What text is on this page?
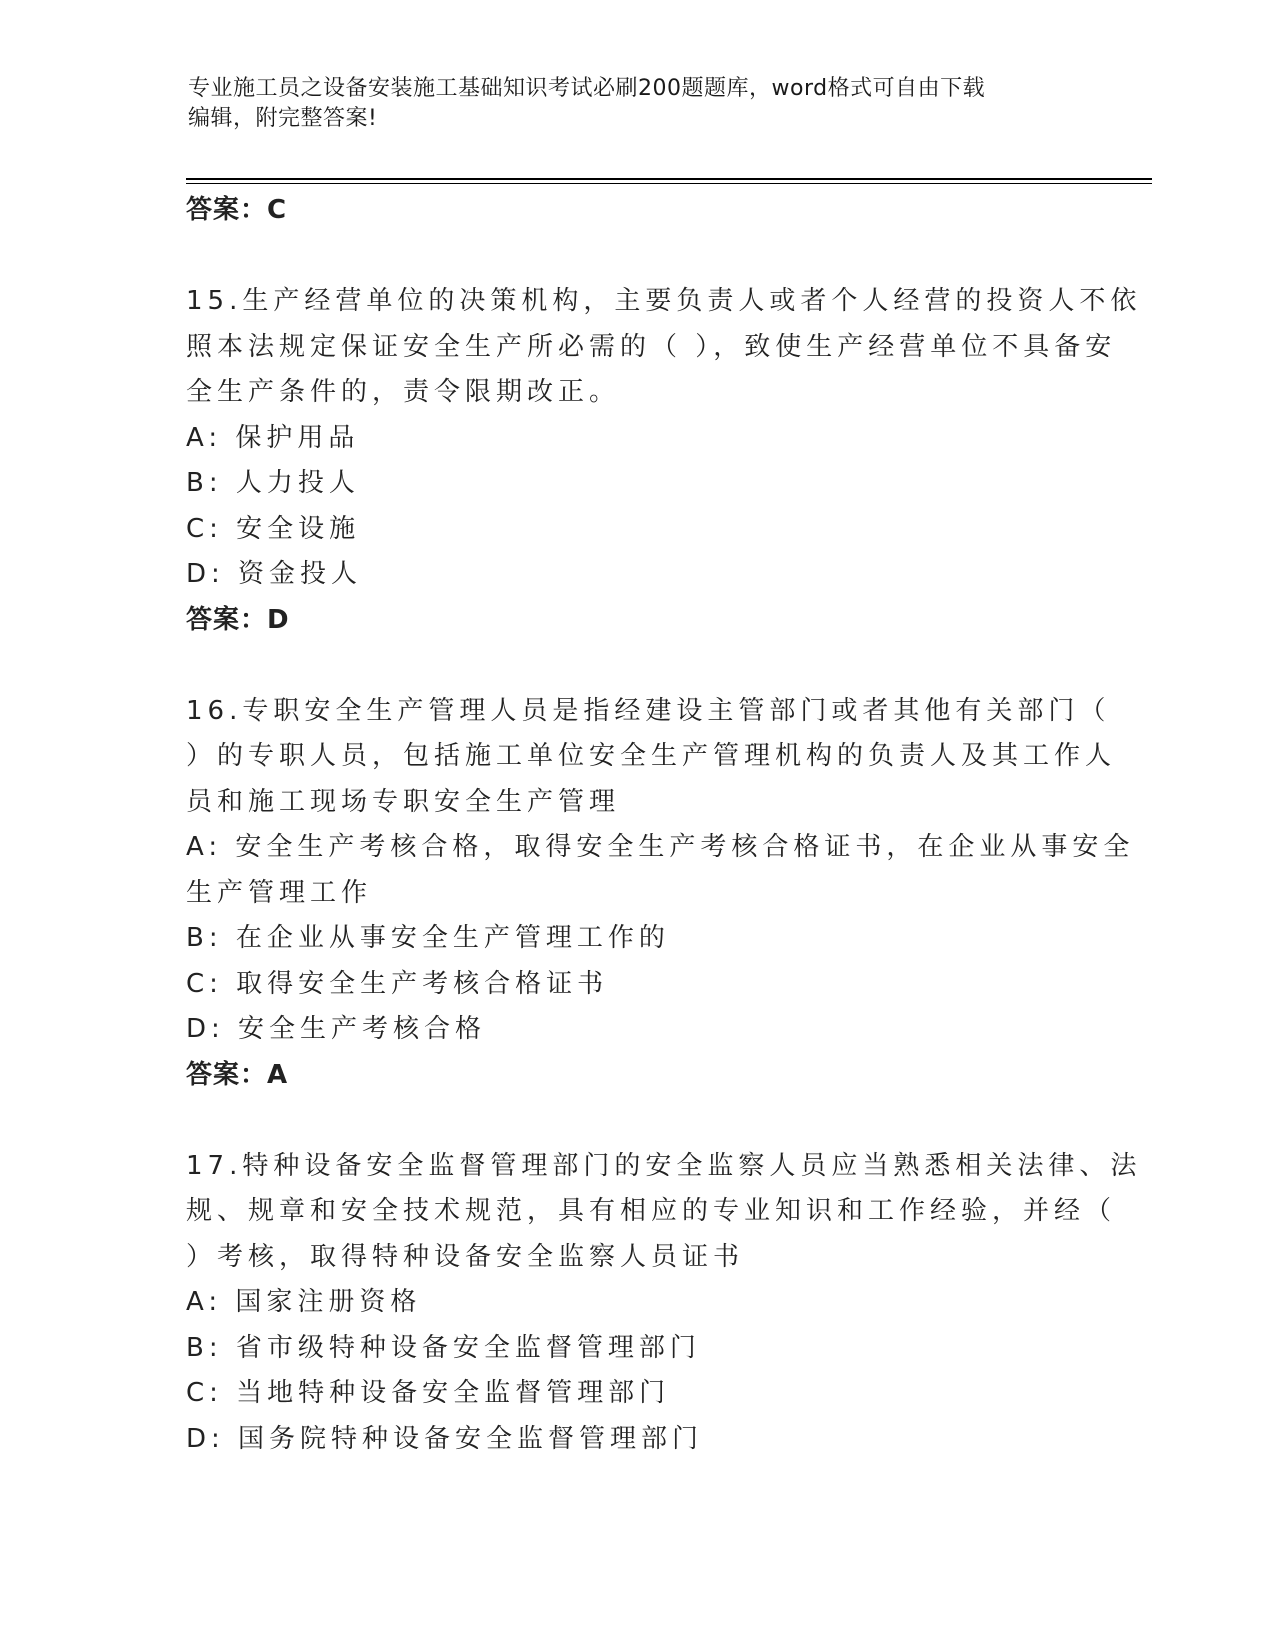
专业施工员之设备安装施工基础知识考试必刷200题题库，word格式可自由下载
编辑，附完整答案!
答案：C
15.生产经营单位的决策机构，主要负责人或者个人经营的投资人不依
照本法规定保证安全生产所必需的（ ），致使生产经营单位不具备安
全生产条件的，责令限期改正。
A: 保护用品
B: 人力投人
C: 安全设施
D: 资金投人
答案：D
16.专职安全生产管理人员是指经建设主管部门或者其他有关部门（
）的专职人员，包括施工单位安全生产管理机构的负责人及其工作人
员和施工现场专职安全生产管理
A: 安全生产考核合格，取得安全生产考核合格证书，在企业从事安全
生产管理工作
B: 在企业从事安全生产管理工作的
C: 取得安全生产考核合格证书
D: 安全生产考核合格
答案：A
17.特种设备安全监督管理部门的安全监察人员应当熟悉相关法律、法
规、规章和安全技术规范，具有相应的专业知识和工作经验，并经（
）考核，取得特种设备安全监察人员证书
A: 国家注册资格
B: 省市级特种设备安全监督管理部门
C: 当地特种设备安全监督管理部门
D: 国务院特种设备安全监督管理部门
